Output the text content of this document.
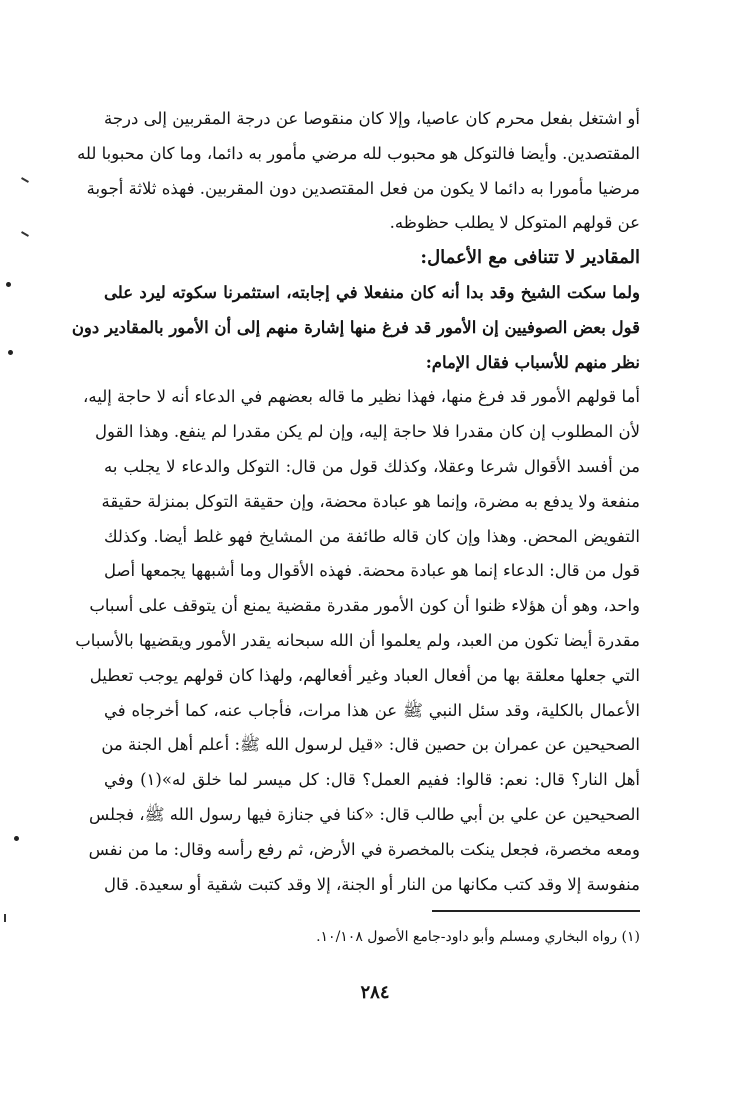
أو اشتغل بفعل محرم كان عاصيا، وإلا كان منقوصا عن درجة المقربين إلى درجة
المقتصدين. وأيضا فالتوكل هو محبوب لله مرضي مأمور به دائما، وما كان محبوبا لله
مرضيا مأمورا به دائما لا يكون من فعل المقتصدين دون المقربين. فهذه ثلاثة أجوبة
عن قولهم المتوكل لا يطلب حظوظه.
المقادير لا تتنافى مع الأعمال:
ولما سكت الشيخ وقد بدا أنه كان منفعلا في إجابته، استثمرنا سكوته ليرد على
قول بعض الصوفيين إن الأمور قد فرغ منها إشارة منهم إلى أن الأمور بالمقادير دون
نظر منهم للأسباب فقال الإمام:
أما قولهم الأمور قد فرغ منها، فهذا نظير ما قاله بعضهم في الدعاء أنه لا حاجة إليه،
لأن المطلوب إن كان مقدرا فلا حاجة إليه، وإن لم يكن مقدرا لم ينفع. وهذا القول
من أفسد الأقوال شرعا وعقلا، وكذلك قول من قال: التوكل والدعاء لا يجلب به
منفعة ولا يدفع به مضرة، وإنما هو عبادة محضة، وإن حقيقة التوكل بمنزلة حقيقة
التفويض المحض. وهذا وإن كان قاله طائفة من المشايخ فهو غلط أيضا. وكذلك
قول من قال: الدعاء إنما هو عبادة محضة. فهذه الأقوال وما أشبهها يجمعها أصل
واحد، وهو أن هؤلاء ظنوا أن كون الأمور مقدرة مقضية يمنع أن يتوقف على أسباب
مقدرة أيضا تكون من العبد، ولم يعلموا أن الله سبحانه يقدر الأمور ويقضيها بالأسباب
التي جعلها معلقة بها من أفعال العباد وغير أفعالهم، ولهذا كان قولهم يوجب تعطيل
الأعمال بالكلية، وقد سئل النبي ﷺ عن هذا مرات، فأجاب عنه، كما أخرجاه في
الصحيحين عن عمران بن حصين قال: «قيل لرسول الله ﷺ: أعلم أهل الجنة من
أهل النار؟ قال: نعم: قالوا: ففيم العمل؟ قال: كل ميسر لما خلق له»(١) وفي
الصحيحين عن علي بن أبي طالب قال: «كنا في جنازة فيها رسول الله ﷺ، فجلس
ومعه مخصرة، فجعل ينكت بالمخصرة في الأرض، ثم رفع رأسه وقال: ما من نفس
منفوسة إلا وقد كتب مكانها من النار أو الجنة، إلا وقد كتبت شقية أو سعيدة. قال
(١) رواه البخاري ومسلم وأبو داود-جامع الأصول ١٠/١٠٨.
٢٨٤
